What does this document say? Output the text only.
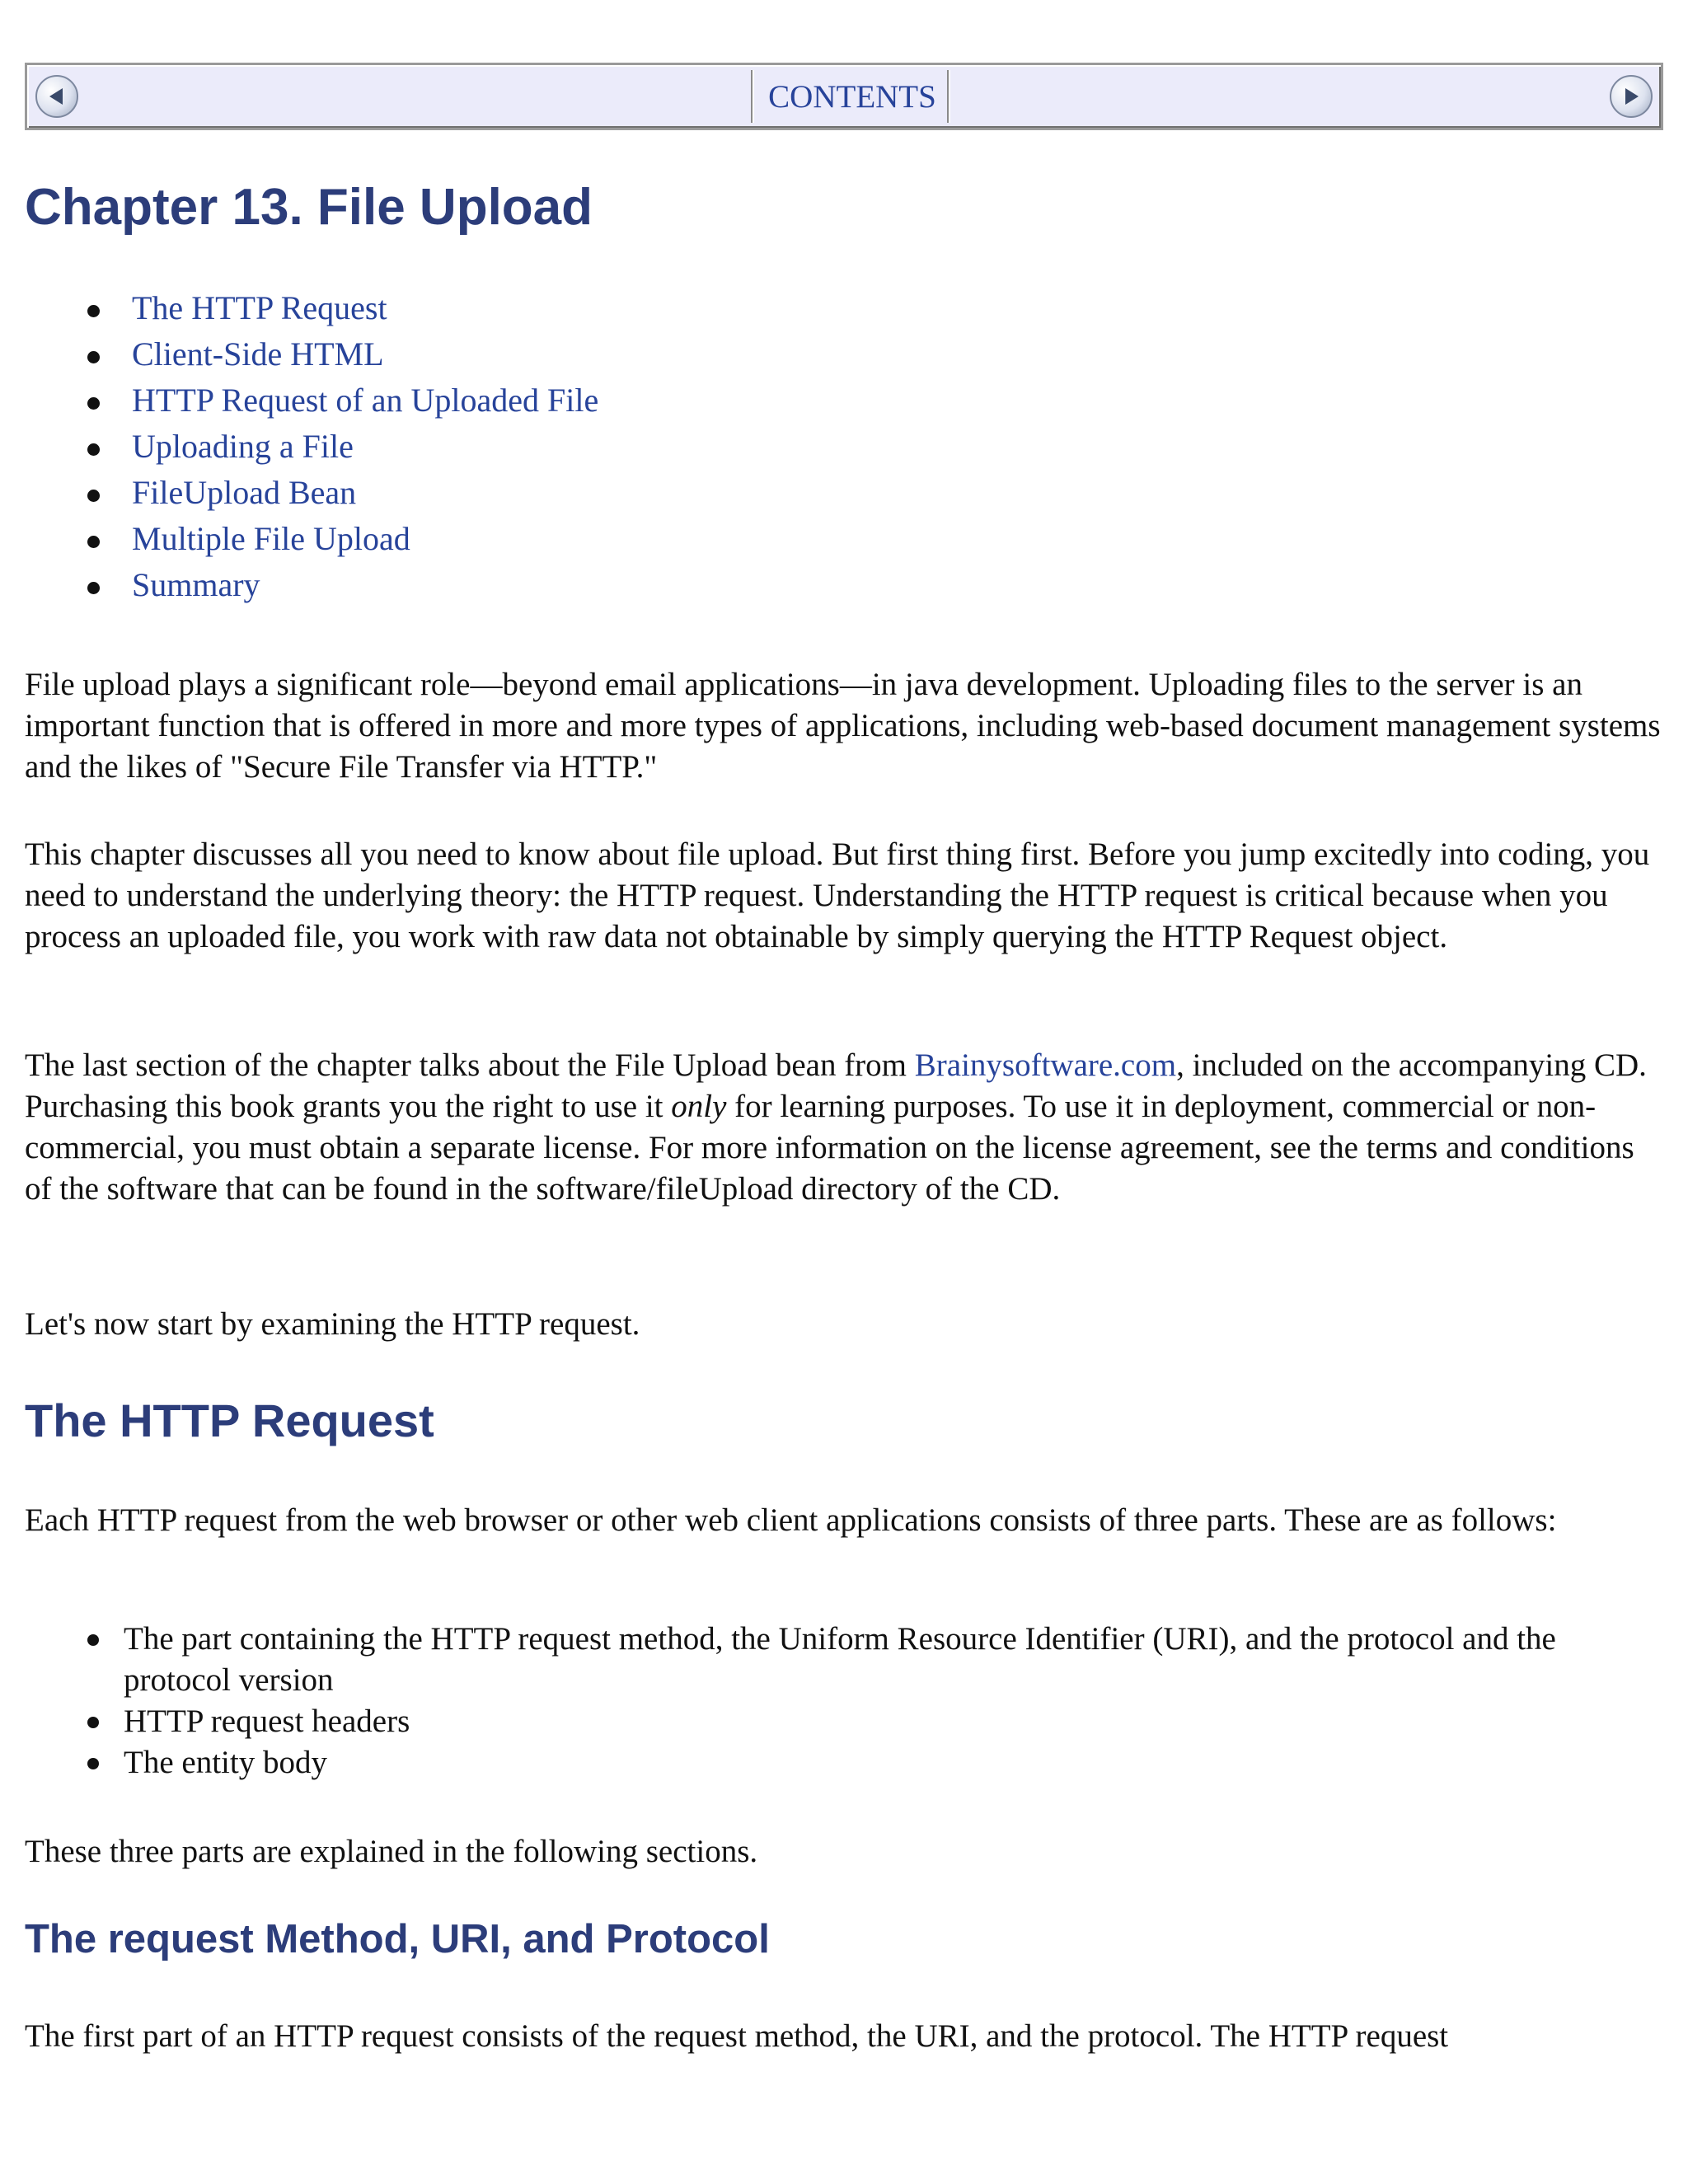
CONTENTS
Chapter 13. File Upload
The HTTP Request
Client-Side HTML
HTTP Request of an Uploaded File
Uploading a File
FileUpload Bean
Multiple File Upload
Summary

File upload plays a significant role—beyond email applications—in java development. Uploading files to the server is an important function that is offered in more and more types of applications, including web-based document management systems and the likes of "Secure File Transfer via HTTP."

This chapter discusses all you need to know about file upload. But first thing first. Before you jump excitedly into coding, you need to understand the underlying theory: the HTTP request. Understanding the HTTP request is critical because when you process an uploaded file, you work with raw data not obtainable by simply querying the HTTP Request object.

The last section of the chapter talks about the File Upload bean from Brainysoftware.com, included on the accompanying CD. Purchasing this book grants you the right to use it only for learning purposes. To use it in deployment, commercial or non-commercial, you must obtain a separate license. For more information on the license agreement, see the terms and conditions of the software that can be found in the software/fileUpload directory of the CD.

Let's now start by examining the HTTP request.

The HTTP Request

Each HTTP request from the web browser or other web client applications consists of three parts. These are as follows:

The part containing the HTTP request method, the Uniform Resource Identifier (URI), and the protocol and the protocol version
HTTP request headers
The entity body

These three parts are explained in the following sections.

The request Method, URI, and Protocol

The first part of an HTTP request consists of the request method, the URI, and the protocol. The HTTP request
